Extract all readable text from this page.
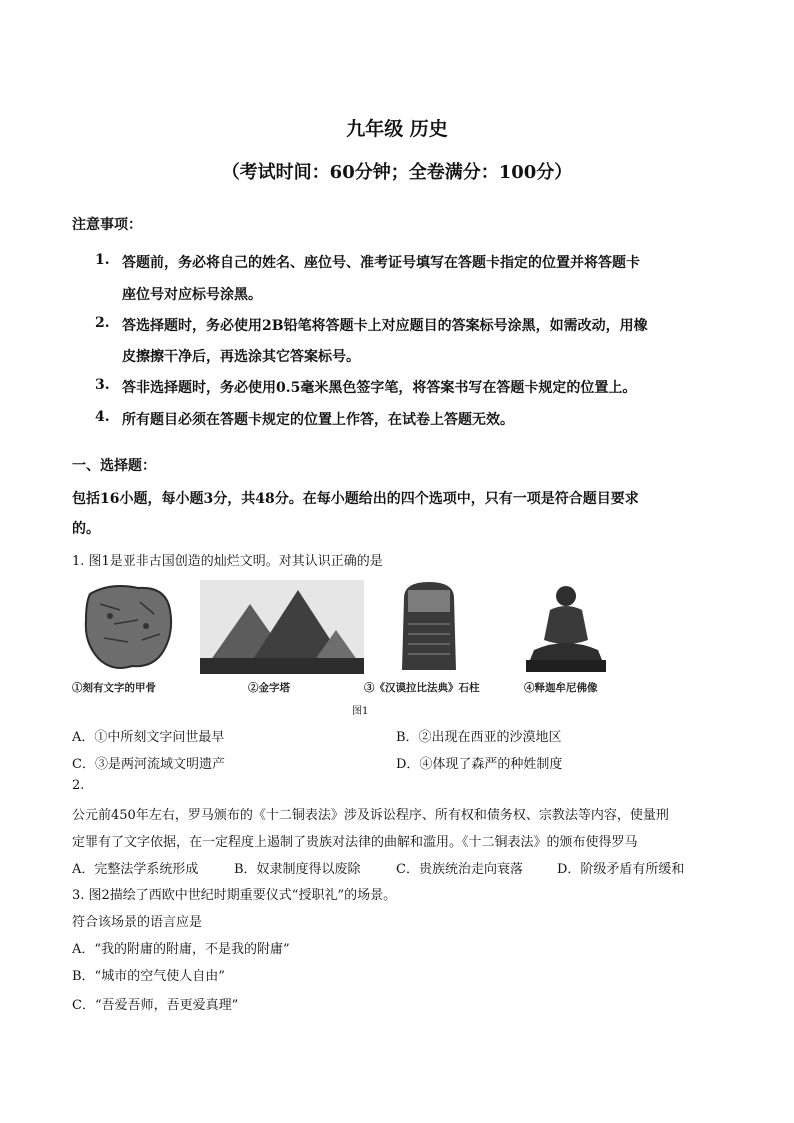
九年级 历史
（考试时间：60分钟；全卷满分：100分）
注意事项：
1. 答题前，务必将自己的姓名、座位号、准考证号填写在答题卡指定的位置并将答题卡
座位号对应标号涂黑。
2. 答选择题时，务必使用2B铅笔将答题卡上对应题目的答案标号涂黑，如需改动，用橡
皮擦擦干净后，再选涂其它答案标号。
3. 答非选择题时，务必使用0.5毫米黑色签字笔，将答案书写在答题卡规定的位置上。
4. 所有题目必须在答题卡规定的位置上作答，在试卷上答题无效。
一、选择题：
包括16小题，每小题3分，共48分。在每小题给出的四个选项中，只有一项是符合题目要求
的。
1. 图1是亚非古国创造的灿烂文明。对其认识正确的是
①刻有文字的甲骨	②金字塔	③《汉谟拉比法典》石柱	④释迦牟尼佛像
图1
A．①中所刻文字问世最早	B．②出现在西亚的沙漠地区
C．③是两河流域文明遗产	D．④体现了森严的种姓制度
2.
公元前450年左右，罗马颁布的《十二铜表法》涉及诉讼程序、所有权和债务权、宗教法等内容，使量刑
定罪有了文字依据，在一定程度上遏制了贵族对法律的曲解和滥用。《十二铜表法》的颁布使得罗马
A．完整法学系统形成	B．奴隶制度得以废除	C．贵族统治走向衰落	D．阶级矛盾有所缓和
3. 图2描绘了西欧中世纪时期重要仪式“授职礼”的场景。
符合该场景的语言应是
A．“我的附庸的附庸，不是我的附庸”
B．“城市的空气使人自由”
C．“吾爱吾师，吾更爱真理”
